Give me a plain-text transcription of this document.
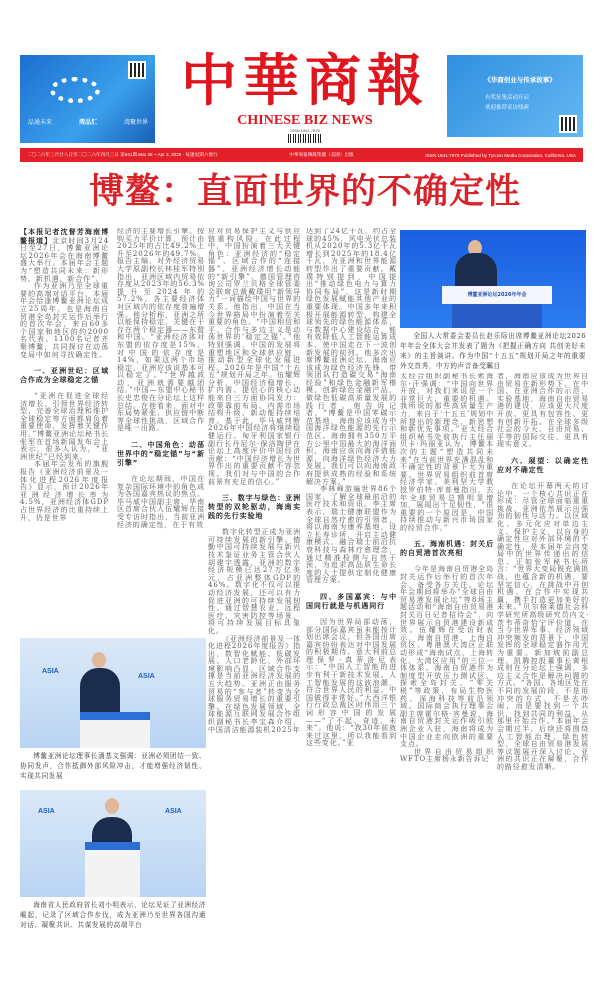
品通未来	湾品汇	湾聚世界
中華商報
CHINESE BIZ NEWS
ISSN 1941-7878
《华商创业与传承故事》
有奖征集活动开启
欢迎推荐采访线索
二〇二六年三月廿八日至二〇二六年四月三日 第941期 Mar 28 ~ Apr 3, 2026 · 每逢星期六發行	中華商報傳媒集團（美國）出版	ISSN 1941-7878 Published by Tycoon Media Corporation, California, USA
博鳌：直面世界的不确定性

【本报记者沈督芳海南博鳌报道】北京时间3月24日至27日，博鳌亚洲论坛2026年会在海南博鳌盛大举行。本届年会主题为“塑造共同未来：新形势、新机遇、新合作”。

作为亚洲乃至全球重要的高端对话平台，本届年会恰逢博鳌亚洲论坛成立25周年，也是海南自贸港全岛封关运作后举行的首次年会，来自60多个国家和地区的约2000名代表、1100名记者齐聚博鳌，共同探讨在动荡变局中如何寻找确定性。

一、亚洲世纪：区域合作成为全球稳定之锚

“亚洲在促进全球经济增长、引领世界经济转型、完善全球治理和维护全球稳定等方面都肩负着重要使命，发挥着关键作用。”博鳌亚洲论坛秘书长张军在首场新闻发布会上表示，很多人认为，“亚洲世纪”已经到来。

本届年会发布的旗舰报告《亚洲经济前景及一体化进程2026年度报告》显示，预计2026年亚洲经济增长率为4.5%，亚洲经济体GDP占世界经济的比重持续上升，仍是世界

经济的主要增长引擎。按购买力平价计算，预计由2025年的占比49.2%上升至2026年的49.7%。报告主编、对外经济贸易大学原副校长林桂军特别指出，亚洲区域内贸易依存度从2023年的56.3%提升至2024年的57.2%，各主要经济体对区域内的依存度普遍增强。他分析称，亚洲之所以能保持稳定，关键在于存在两个稳定器——东盟和中国。“亚洲经济体对东盟的依存度是15%，对中国的依存度是14%，如果这两个市场稳定，亚洲应该说基本可以稳定了。”“世界越波动，亚洲就需要越团结。”中国—东盟中心秘书长史忠俊在分论坛上这样总结。在他看来，面对中东局势紧张、供应链中断等全球性挑战，区域合作是唯一出路。

二、中国角色：动荡世界中的“稳定锚”与“新引擎”

在论坛期间，中国在复杂国际环境中的角色成为各国嘉宾热议的焦点。毕马威中国副主席、华南区首席合伙人伍耀辉在接受专访时指出，当前亚洲经济的确定性，在于有效

ASIA
ASIA
博鳌亚洲论坛理事长潘基文强调：亚洲必须团结一致、协同发声，合作抵御外部风险冲击，才能增强经济韧性、实现共同发展
ASIA	ASIA
海南省人民政府省长刘小明表示，论坛见证了亚洲经济崛起，记录了区域合作步伐，成为亚洲乃至世界各国沟通对话、凝聚共识、共谋发展的高端平台

应对贸易保护主义与供应链重构风险。在此过程中，中国扮演着三大关键角色：亚洲经济的“稳定锚”、区域合作的“连接器”、亚洲经济增长动能的“新引擎”。德国管理咨询公司罗兰贝格全球管委会联席总裁戴璞用“新领导力”一词描绘中国与世界的关系。他指出，中国在当今世界格局中扮演着至关重要的角色。“中国相信和平、合作与多边主义是动荡世界的‘稳定之锚’。”他特别强调，中国的发展将重塑地区和全球供应链，推动新型全球化发展进程。2026年是中国“十五五”规划开局之年。伍耀辉分析，中国经济稳增长、扩内需、提信心的核心动能来自三方面协同发力：政策靠前布局、内需市场结构升级、新动能持续培育。基于此，毕马威判断2026年中国经济将继续稳健运行。匈牙利国家银行副行长丹尼尔·保洛陶伊在论坛上高度评价中国经济贡献：“中国经济增长为世界作出的重要贡献不容忽视。我们对与中国的合作前景有充足的信心。”

三、数字与绿色：亚洲转型的双轮驱动，海南实践的先行实验地

数字化转型正成为亚洲可持续发展的新引擎。德勤中国可持续发展与新兴技术鉴证业务主管合伙人胡建宇透露，亚洲的数字经济规模已达27万亿美元，占亚洲整体GDP的46%。数字化不仅可以推动经济发展，还可以有力促进亚洲的可持续发展韧性。通过智慧农业、远程医疗、灾害防控等场景，将可持续发展目标具象化。

《亚洲经济前景及一体化进程2026年度报告》指出，数智化赋能、低碳发展、人口老龄化、外部环境影响凸显、区域合作支撑是当前亚洲经济发展的五大趋势。亚洲正由服务贸易的“参与者”转变为全球服务贸易增长的重要引擎。在绿色发展领域，全球能源互联网发展合作组织副秘书长李宝森介绍，中国清洁能源装机2025年

达到了24亿千瓦，约占全球的45%，风电光伏总装机从2020年的5.3亿千瓦增长到2025年的18.4亿千瓦，为亚洲和世界能源转型作出了重要贡献。戴璞特别提到，中国提出“推动绿色电力与算力协同布局”，这是新时期绿色发展赋能其他产业的重要体现。中国多年来积极开展能源转型，构建全球领先的绿色能源体系，与数据中心建设结合，能有效降低人工智能运算成本，使中国走在下一波创新发展的前列。他多次出席博鳌亚洲论坛，海南应该成为绿色经济先锋，带领团队打造碳交易“海南经验”和绿色金融新军楷模，创新绿色金融产品，做绿色低碳高质量发展的践行者。他告诉记者，“博鳌是中国零碳示范基地，海南应该成为中国海洋绿色能源的先行示范区。海南拥有350万平方公里中国最大的海洋面积，海南应该向海洋借能源，向海洋绿色经济大力发展。我们可以向海南政府提供成熟的经验和系统解决方案。”

李林峰游遍世界86个国家，了解全球最前沿的医疗技术和资讯。李主席表示，瑞士健康联盟作为全球自然疗愈的引领者，将以海南为康养基地，设立长寿诊所，开启主动健康模式，融合瑞士前沿抗衰科技与森林疗愈理念，通过精准检测与自然干预，为追求高品质生命长度的人士提供定制化健康管理方案。

四、多国嘉宾：与中国同行就是与机遇同行

因为世界局部动荡，部分国际嘉宾虽未能按计划出席会议，但各国出席嘉宾纷纷表达对中国发展的积极期待。意大利前总理保罗·真蒂洛尼表示：“中国人工智能的进步有利于新技术发展。人工智能发展的这波浪潮，符合世界人民的利益。中国做得非常好。”大西洋银行行政总裁区时伟用三个词形容中国的发展——“了不起、奇迹、未来”。他说：“我30年前就来过这里，所以我能看到这些变化。”亚

博鳌亚洲论坛2026年年会
全国人大常委会委员长赵乐际出席博鳌亚洲论坛2026年年会全体大会并发表了题为《把握正确方向 共创美好未来》的主旨演讲。作为中国“十五五”规划开局之年的重要外交首秀，中方的声音备受瞩目

太经合组织副秘书长索海尔·汗强调：“中国向世界开放，对我们来说是一个非常巨大、重要的机遇。我所说的那些高质量生产力，来自于‘十五五’规划中所提出的新理念、新思想和新优先事项。”亚太经合组织秘书处前执行主任丽贝卡·玛丽亚认为，博鳌本次的主题“塑造共同未来”在当前世界充满混乱和不确定性的背景下尤为重要。世界贸易组织前首席经济学家、美利坚大学教授罗伯特·库普曼指出，去年全球贸易总额明显增加，展现出十足韧性，“很重要的一个原因是，中国持续推动与新兴市场国家的经贸合作。”

五、海南机遇：封关后的自贸港首次亮相

今年是海南自贸港全岛封关运作后举行的首次年会，备受各方关注。论坛年会期间将举办“全球自由贸易港发展论坛”等8场主题活动和“海南自由贸易港封关百日记者招待会”，向世界展示自贸港建设新成效。伍耀辉在受访时表示，海南自贸港、上海自贸区、粤港澳大湾区正联动形成“海南试点、上海转化、大湾区应用”的三位一体体系。海南自贸港作为制度型开放压力测试区，探索全岛封关、“零关税”等政策，布局生物医药、深海科技等前沿领域。国际商会执行理事会副主席霍尔格·宾曼说，海南自贸港封关运作吸引欧洲企业入驻，海南将成为中国企业走向欧洲的重要支点。

世界自由贸易组织WFTO主席杨永新告诉记

者，海南应该成为世界自由贸易在新形势下、在中国、在亚洲合作的示范、实验基地，海南自由贸易港的建设，应该更大尺度开放、更具有包容性、更有创新开拓。在全球多级社会的今天，自由贸易、平等的国际交往，更具有现实意义。

六、展望：以确定性应对不确定性

在论坛开幕两天的讨论中，一个核心共识正在形成：尽管全球面临重重挑战，亚洲依然展示出强劲的韧性与活力。以区域化、多元化应对单边主义、保护主义，以自身的确定性应对外部环境的不确定性，是本届年会向变局中的世界传递出的信息。正如张军秘书长所言：“世界大变局既充满挑战，也蕴含新的机遇，要坚定信心，在挑战中开创机遇，在合作中实现共赢，携手打造更加美好的未来。”贝尔格莱德社会科学研究所高级研究员内文·茨韦蒂奇恰宁评价道，在当今世界军事、经济领域冲突频发的背景下，中国发挥的全球稳定器作用尤为重要。新加坡前副总理、凯腾控股董事长黄根成则在分论坛上强调，多边主义合作是解决问题的方式。“各国、各地区处在不同的发展阶段，不是用冲突的方式，不是去吵闹，而是要找到一个共识，找到共同的利益，从那里开始合作。”本届年会会期过半，后续还将围绕人工智能治理、绿色转型、全球自由贸易港发展等议题展开深入讨论。亚洲的共识正在凝聚，合作的路径愈发清晰。
